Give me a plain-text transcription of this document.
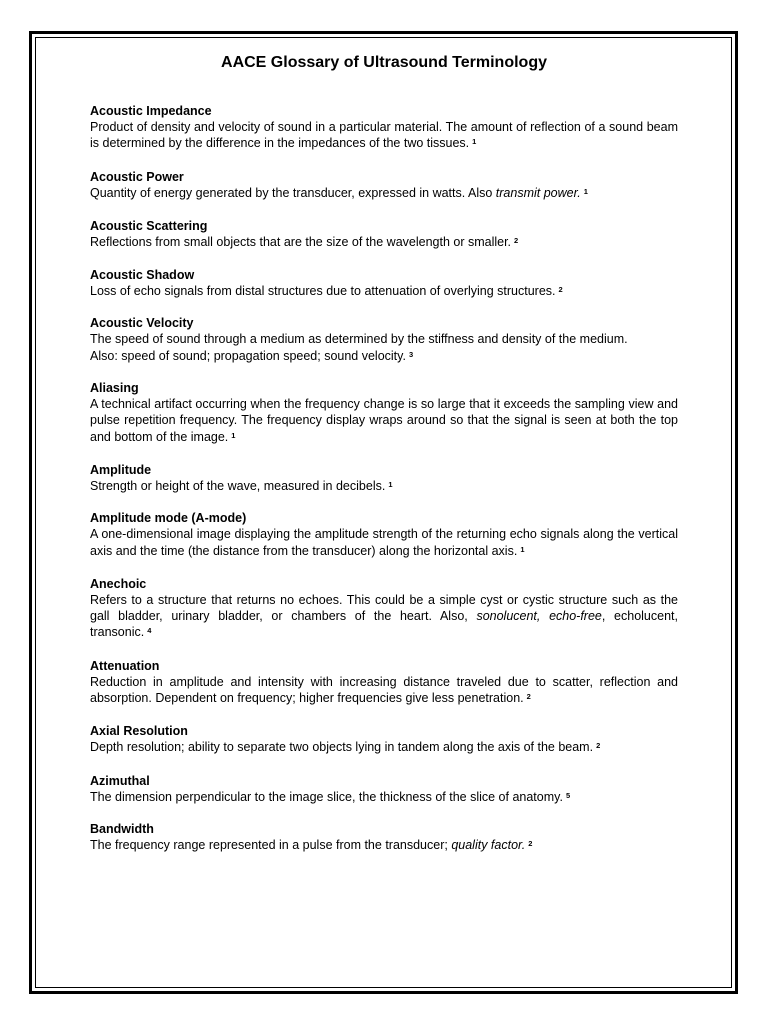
AACE Glossary of Ultrasound Terminology
Acoustic Impedance
Product of density and velocity of sound in a particular material. The amount of reflection of a sound beam is determined by the difference in the impedances of the two tissues. $^1$
Acoustic Power
Quantity of energy generated by the transducer, expressed in watts. Also transmit power. $^1$
Acoustic Scattering
Reflections from small objects that are the size of the wavelength or smaller. $^2$
Acoustic Shadow
Loss of echo signals from distal structures due to attenuation of overlying structures. $^2$
Acoustic Velocity
The speed of sound through a medium as determined by the stiffness and density of the medium.
Also: speed of sound; propagation speed; sound velocity. $^3$
Aliasing
A technical artifact occurring when the frequency change is so large that it exceeds the sampling view and pulse repetition frequency. The frequency display wraps around so that the signal is seen at both the top and bottom of the image. $^1$
Amplitude
Strength or height of the wave, measured in decibels. $^1$
Amplitude mode (A-mode)
A one-dimensional image displaying the amplitude strength of the returning echo signals along the vertical axis and the time (the distance from the transducer) along the horizontal axis. $^1$
Anechoic
Refers to a structure that returns no echoes. This could be a simple cyst or cystic structure such as the gall bladder, urinary bladder, or chambers of the heart. Also, sonolucent, echo-free, echolucent, transonic. $^4$
Attenuation
Reduction in amplitude and intensity with increasing distance traveled due to scatter, reflection and absorption. Dependent on frequency; higher frequencies give less penetration. $^2$
Axial Resolution
Depth resolution; ability to separate two objects lying in tandem along the axis of the beam. $^2$
Azimuthal
The dimension perpendicular to the image slice, the thickness of the slice of anatomy. $^5$
Bandwidth
The frequency range represented in a pulse from the transducer; quality factor. $^2$
